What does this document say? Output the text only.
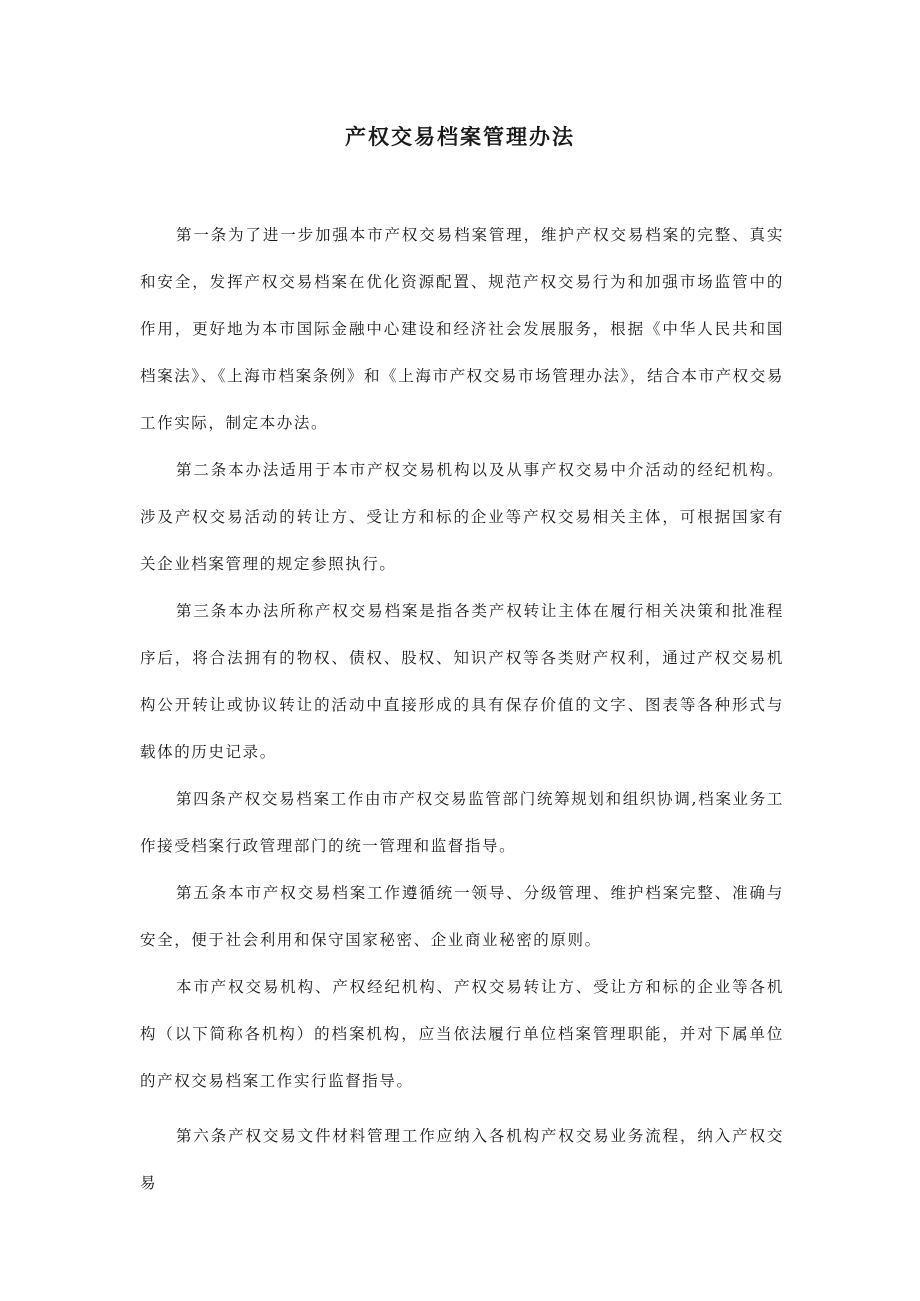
产权交易档案管理办法

第一条为了进一步加强本市产权交易档案管理，维护产权交易档案的完整、真实和安全，发挥产权交易档案在优化资源配置、规范产权交易行为和加强市场监管中的作用，更好地为本市国际金融中心建设和经济社会发展服务，根据《中华人民共和国档案法》、《上海市档案条例》和《上海市产权交易市场管理办法》，结合本市产权交易工作实际，制定本办法。

第二条本办法适用于本市产权交易机构以及从事产权交易中介活动的经纪机构。涉及产权交易活动的转让方、受让方和标的企业等产权交易相关主体，可根据国家有关企业档案管理的规定参照执行。

第三条本办法所称产权交易档案是指各类产权转让主体在履行相关决策和批准程序后，将合法拥有的物权、债权、股权、知识产权等各类财产权利，通过产权交易机构公开转让或协议转让的活动中直接形成的具有保存价值的文字、图表等各种形式与载体的历史记录。

第四条产权交易档案工作由市产权交易监管部门统筹规划和组织协调,档案业务工作接受档案行政管理部门的统一管理和监督指导。

第五条本市产权交易档案工作遵循统一领导、分级管理、维护档案完整、准确与安全，便于社会利用和保守国家秘密、企业商业秘密的原则。

本市产权交易机构、产权经纪机构、产权交易转让方、受让方和标的企业等各机构（以下简称各机构）的档案机构，应当依法履行单位档案管理职能，并对下属单位的产权交易档案工作实行监督指导。

第六条产权交易文件材料管理工作应纳入各机构产权交易业务流程，纳入产权交易
